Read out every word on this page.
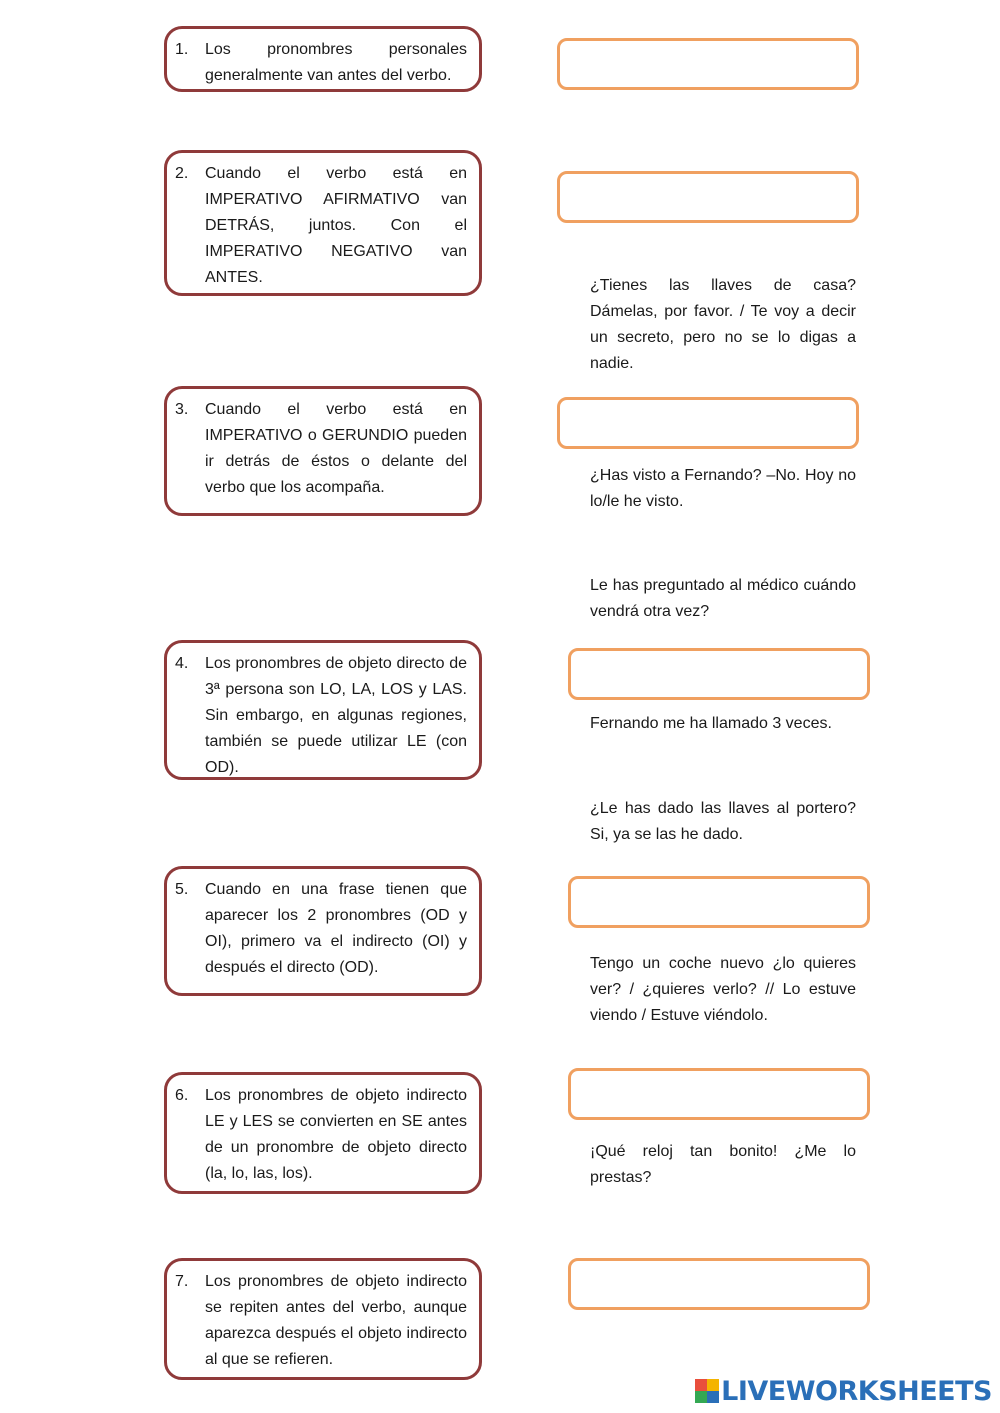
1. Los pronombres personales generalmente van antes del verbo.
2. Cuando el verbo está en IMPERATIVO AFIRMATIVO van DETRÁS, juntos. Con el IMPERATIVO NEGATIVO van ANTES.
3. Cuando el verbo está en IMPERATIVO o GERUNDIO pueden ir detrás de éstos o delante del verbo que los acompaña.
4. Los pronombres de objeto directo de 3ª persona son LO, LA, LOS y LAS. Sin embargo, en algunas regiones, también se puede utilizar LE (con OD).
5. Cuando en una frase tienen que aparecer los 2 pronombres (OD y OI), primero va el indirecto (OI) y después el directo (OD).
6. Los pronombres de objeto indirecto LE y LES se convierten en SE antes de un pronombre de objeto directo (la, lo, las, los).
7. Los pronombres de objeto indirecto se repiten antes del verbo, aunque aparezca después el objeto indirecto al que se refieren.
¿Tienes las llaves de casa? Dámelas, por favor. / Te voy a decir un secreto, pero no se lo digas a nadie.
¿Has visto a Fernando? –No. Hoy no lo/le he visto.
Le has preguntado al médico cuándo vendrá otra vez?
Fernando me ha llamado 3 veces.
¿Le has dado las llaves al portero? Si, ya se las he dado.
Tengo un coche nuevo ¿lo quieres ver? / ¿quieres verlo? // Lo estuve viendo / Estuve viéndolo.
¡Qué reloj tan bonito! ¿Me lo prestas?
LIVEWORKSHEETS
